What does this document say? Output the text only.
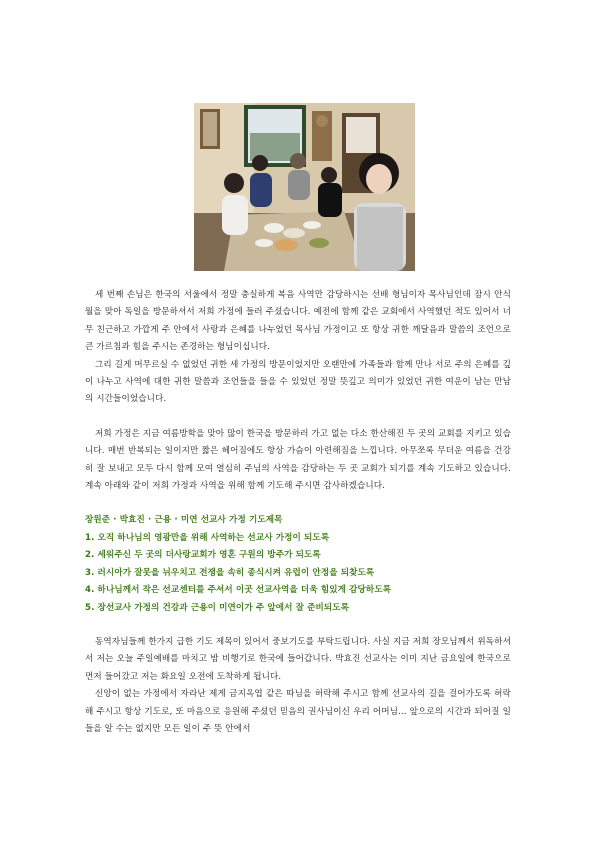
세 번째 손님은 한국의 서울에서 정말 충실하게 복음 사역만 감당하시는 선배 형님이자 목사님인데 잠시 안식월을 맞아 독일을 방문하셔서 저희 가정에 들러 주셨습니다. 예전에 함께 같은 교회에서 사역했던 적도 있어서 너무 친근하고 가깝게 주 안에서 사랑과 은혜를 나누었던 목사님 가정이고 또 항상 귀한 깨달음과 말씀의 조언으로 큰 가르침과 힘을 주시는 존경하는 형님이십니다.

그리 길게 머무르실 수 없었던 귀한 세 가정의 방문이었지만 오랜만에 가족들과 함께 만나 서로 주의 은혜를 깊이 나누고 사역에 대한 귀한 말씀과 조언들을 들을 수 있었던 정말 뜻깊고 의미가 있었던 귀한 여운이 남는 만남의 시간들이었습니다.

저희 가정은 지금 여름방학을 맞아 많이 한국을 방문하러 가고 없는 다소 한산해진 두 곳의 교회를 지키고 있습니다. 매번 반복되는 일이지만 짧은 헤어짐에도 항상 가슴이 아련해짐을 느낍니다. 아무쪼록 무더운 여름을 건강히 잘 보내고 모두 다시 함께 모여 열심히 주님의 사역을 감당하는 두 곳 교회가 되기를 계속 기도하고 있습니다. 계속 아래와 같이 저희 가정과 사역을 위해 함께 기도해 주시면 감사하겠습니다.

장원준 · 박효진 · 근용 · 미연 선교사 가정 기도제목

1. 오직 하나님의 영광만을 위해 사역하는 선교사 가정이 되도록

2. 세워주신 두 곳의 더사랑교회가 영혼 구원의 방주가 되도록

3. 러시아가 잘못을 뉘우치고 전쟁을 속히 종식시켜 유럽이 안정을 되찾도록

4. 하나님께서 작은 선교센터를 주셔서 이곳 선교사역을 더욱 힘있게 감당하도록

5. 장선교사 가정의 건강과 근용이 미연이가 주 앞에서 잘 준비되도록

동역자님들께 한가지 급한 기도 제목이 있어서 중보기도를 부탁드립니다. 사실 지금 저희 장모님께서 위독하셔서 저는 오늘 주일예배를 마치고 밤 비행기로 한국에 들어갑니다. 박효진 선교사는 이미 지난 금요일에 한국으로 먼저 들어갔고 저는 화요일 오전에 도착하게 됩니다.

신앙이 없는 가정에서 자라난 제게 금지옥엽 같은 따님을 허락해 주시고 함께 선교사의 길을 걸어가도록 허락해 주시고 항상 기도로, 또 마음으로 응원해 주셨던 믿음의 권사님이신 우리 어머님... 앞으로의 시간과 되어질 일들을 알 수는 없지만 모든 일이 주 뜻 안에서
